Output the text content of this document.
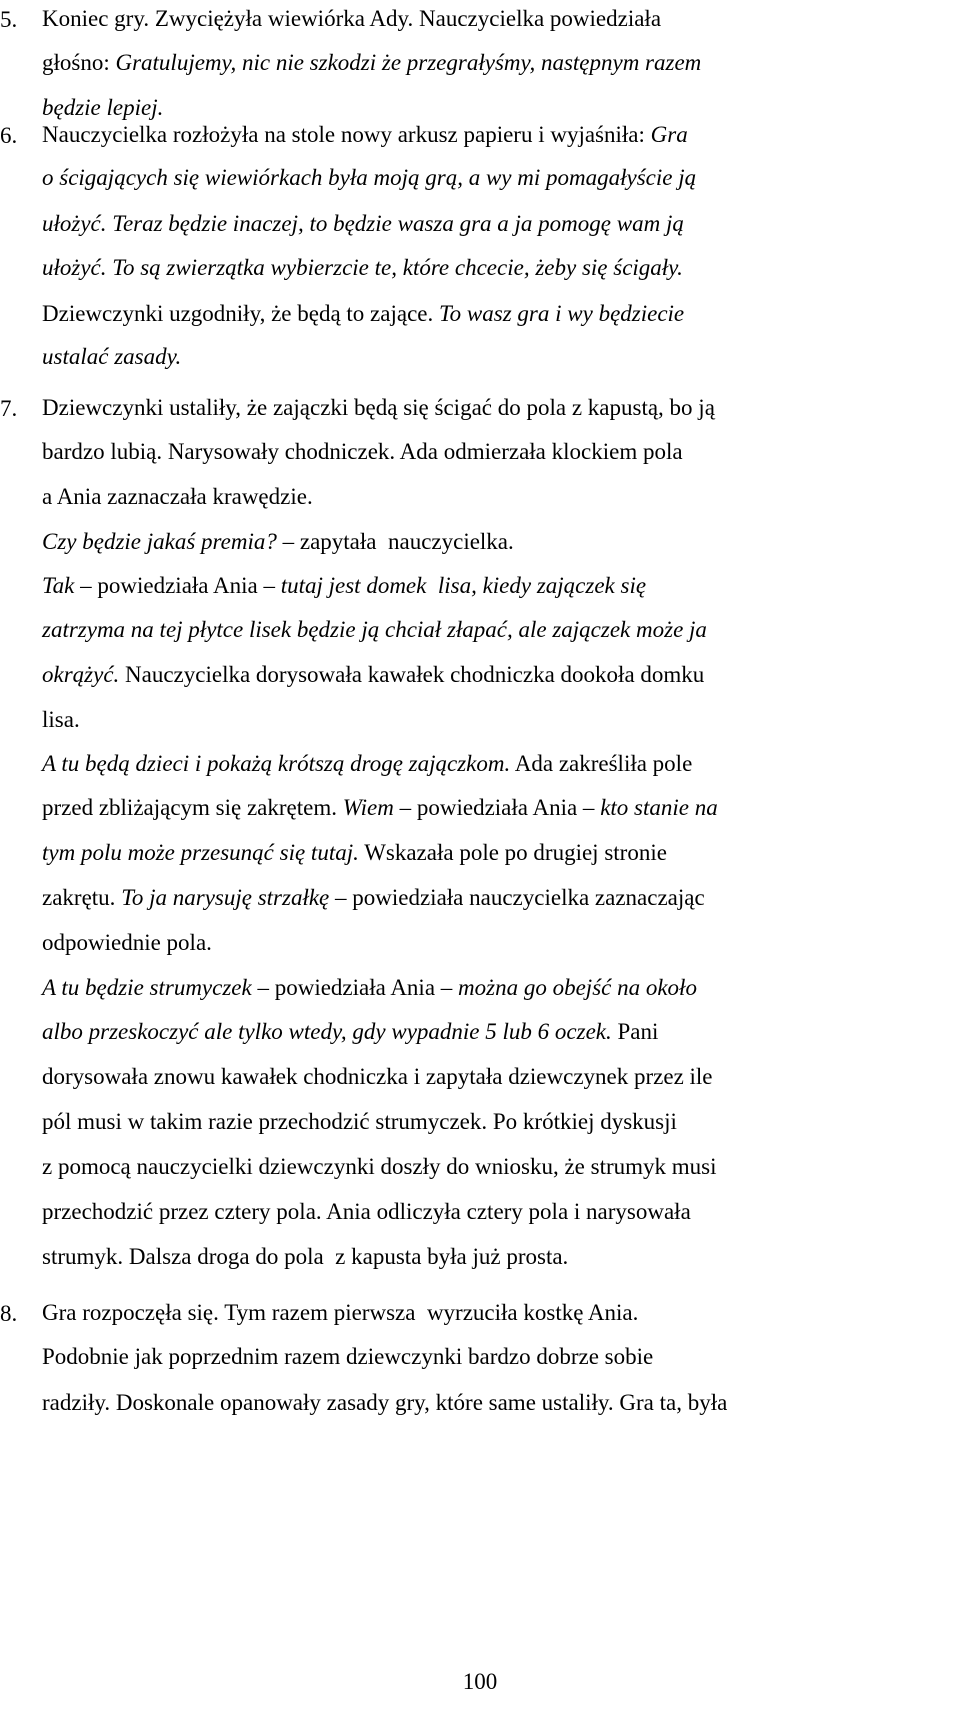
5. Koniec gry. Zwyciężyła wiewiórka Ady. Nauczycielka powiedziała
głośno: Gratulujemy, nic nie szkodzi że przegrałyśmy, następnym razem
będzie lepiej.
6. Nauczycielka rozłożyła na stole nowy arkusz papieru i wyjaśniła: Gra
o ścigających się wiewiórkach była moją grą, a wy mi pomagałyście ją
ułożyć. Teraz będzie inaczej, to będzie wasza gra a ja pomogę wam ją
ułożyć. To są zwierzątka wybierzcie te, które chcecie, żeby się ścigały.
Dziewczynki uzgodniły, że będą to zające. To wasz gra i wy będziecie
ustalać zasady.
7. Dziewczynki ustaliły, że zajączki będą się ścigać do pola z kapustą, bo ją
bardzo lubią. Narysowały chodniczek. Ada odmierzała klockiem pola
a Ania zaznaczała krawędzie.
Czy będzie jakaś premia? – zapytała  nauczycielka.
Tak – powiedziała Ania – tutaj jest domek  lisa, kiedy zajączek się
zatrzyma na tej płytce lisek będzie ją chciał złapać, ale zajączek może ja
okrążyć. Nauczycielka dorysowała kawałek chodniczka dookoła domku
lisa.
A tu będą dzieci i pokażą krótszą drogę zajączkom. Ada zakreśliła pole
przed zbliżającym się zakrętem. Wiem – powiedziała Ania – kto stanie na
tym polu może przesunąć się tutaj. Wskazała pole po drugiej stronie
zakrętu. To ja narysuję strzałkę – powiedziała nauczycielka zaznaczając
odpowiednie pola.
A tu będzie strumyczek – powiedziała Ania – można go obejść na około
albo przeskoczyć ale tylko wtedy, gdy wypadnie 5 lub 6 oczek. Pani
dorysowała znowu kawałek chodniczka i zapytała dziewczynek przez ile
pól musi w takim razie przechodzić strumyczek. Po krótkiej dyskusji
z pomocą nauczycielki dziewczynki doszły do wniosku, że strumyk musi
przechodzić przez cztery pola. Ania odliczyła cztery pola i narysowała
strumyk. Dalsza droga do pola  z kapusta była już prosta.
8. Gra rozpoczęła się. Tym razem pierwsza  wyrzuciła kostkę Ania.
Podobnie jak poprzednim razem dziewczynki bardzo dobrze sobie
radziły. Doskonale opanowały zasady gry, które same ustaliły. Gra ta, była
100
